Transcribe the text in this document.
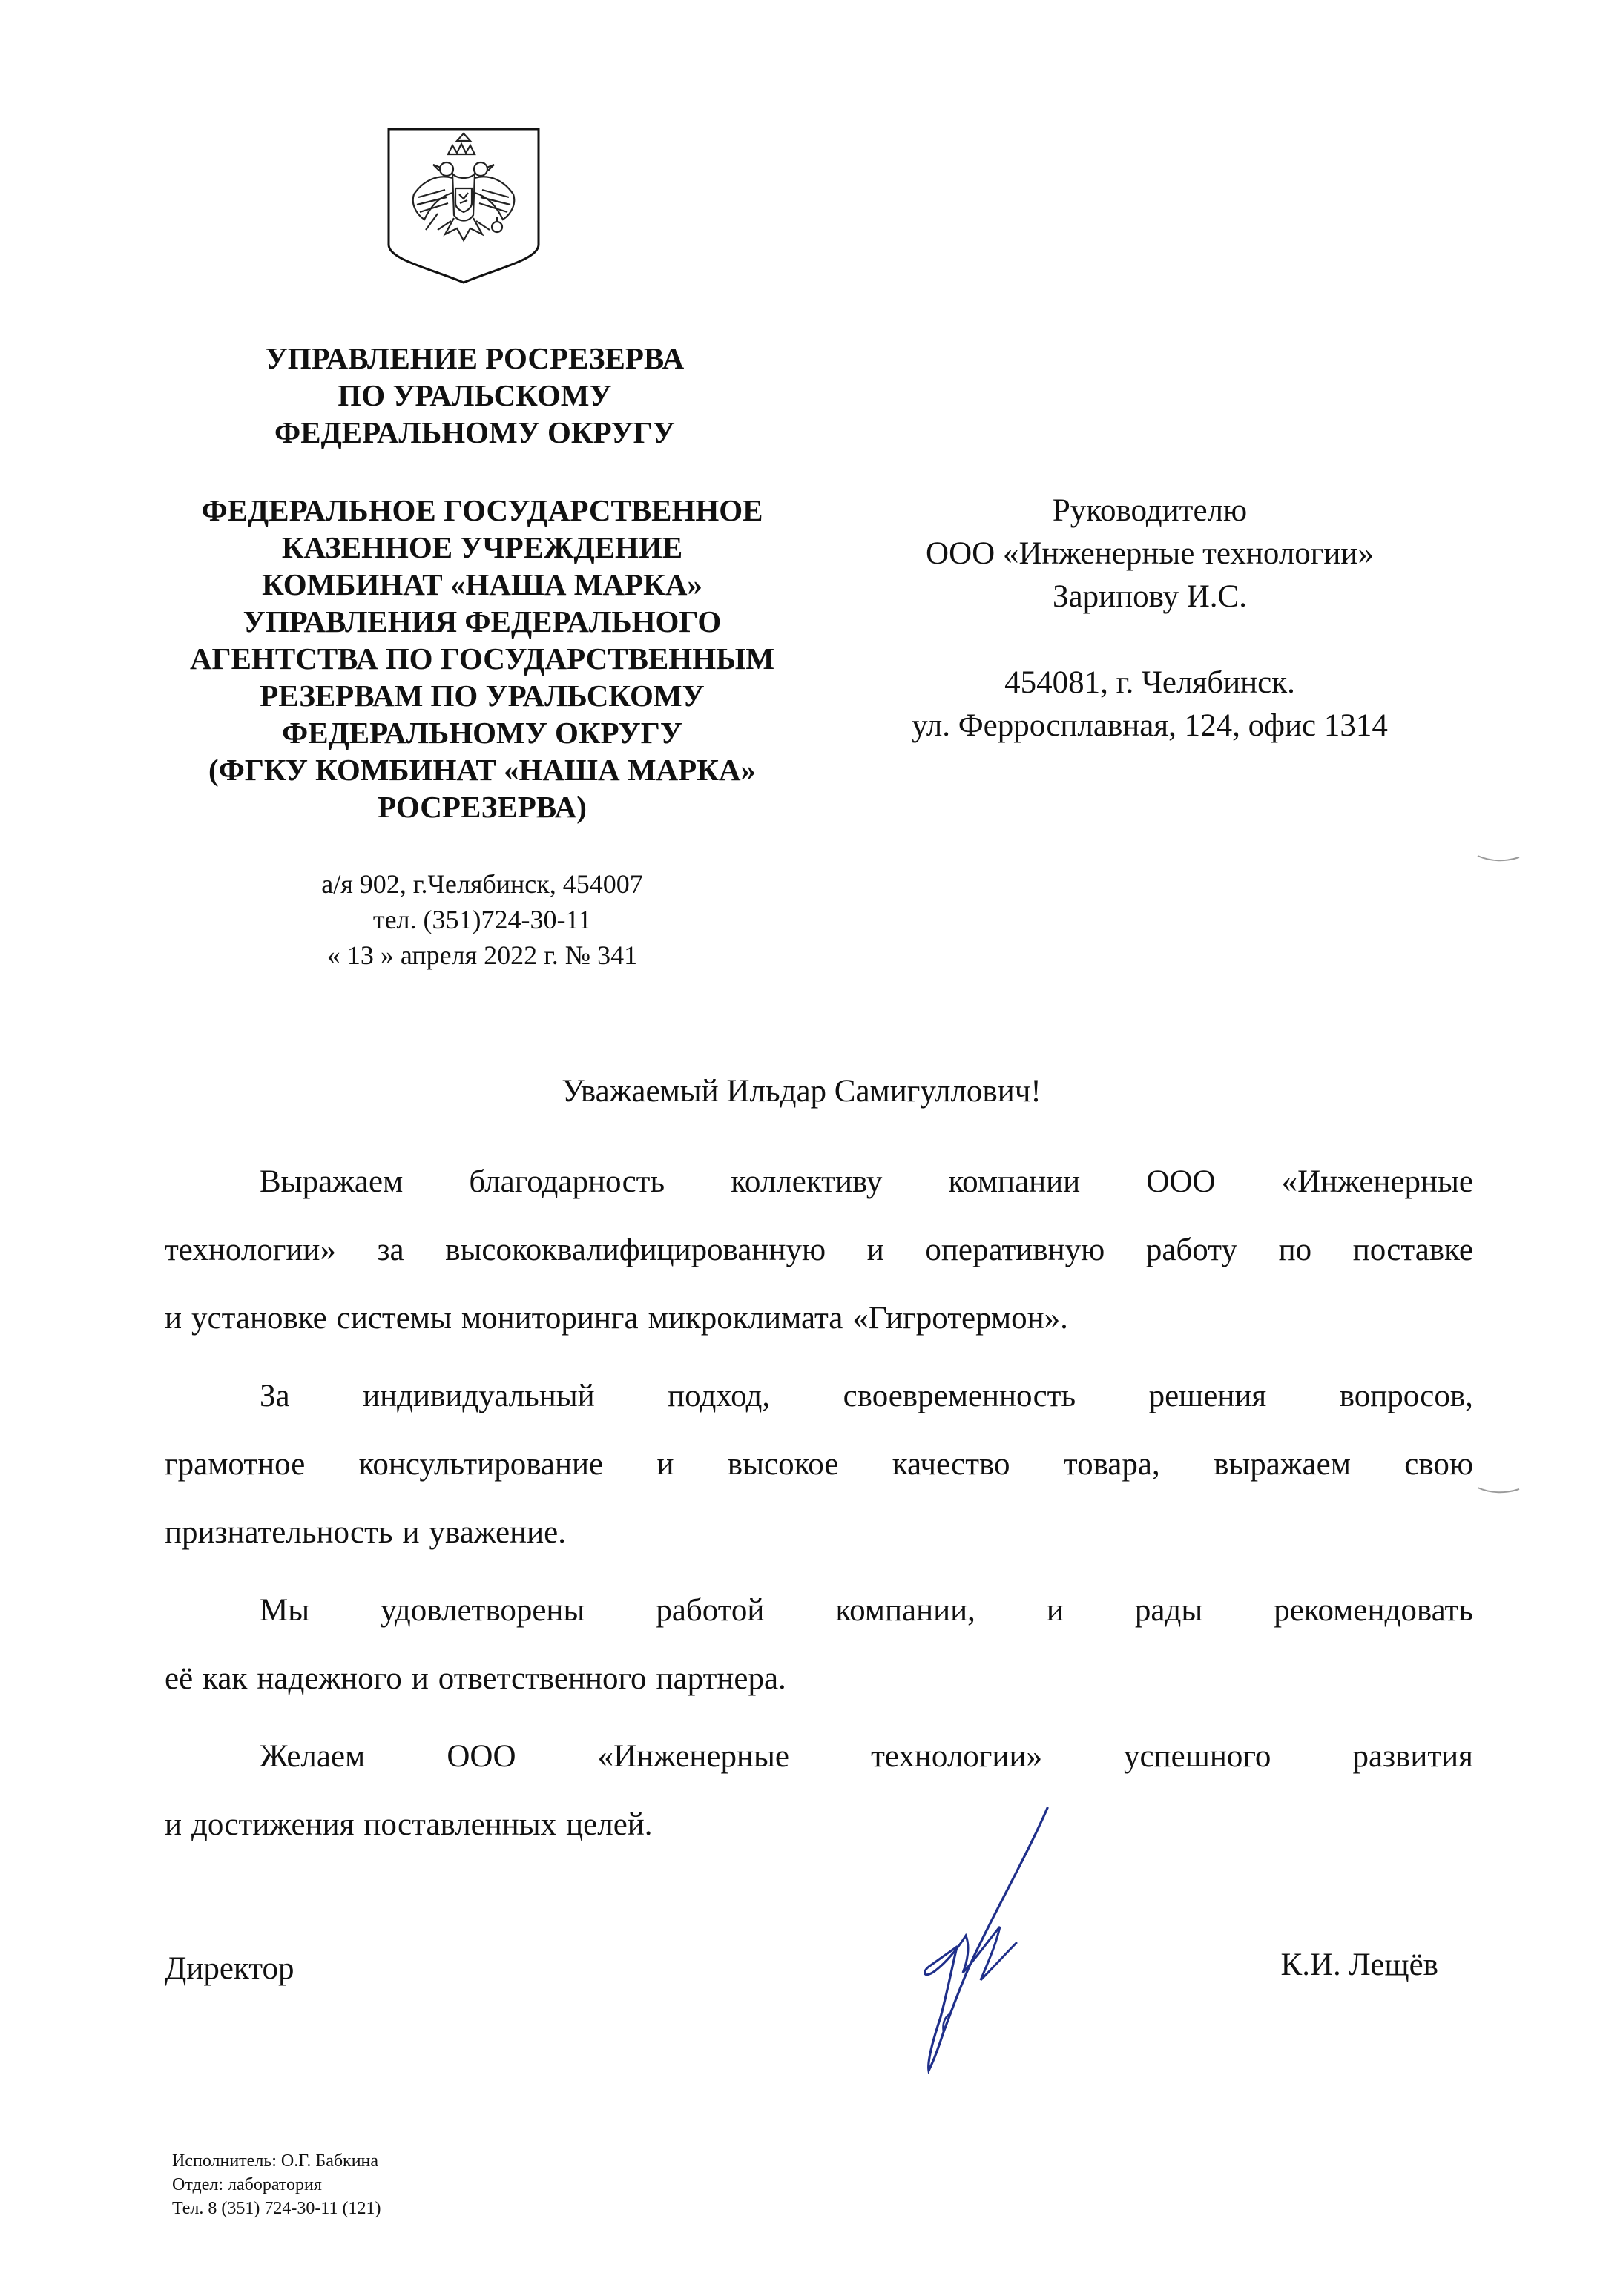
УПРАВЛЕНИЕ РОСРЕЗЕРВА
ПО УРАЛЬСКОМУ
ФЕДЕРАЛЬНОМУ ОКРУГУ
ФЕДЕРАЛЬНОЕ ГОСУДАРСТВЕННОЕ
КАЗЕННОЕ УЧРЕЖДЕНИЕ
КОМБИНАТ «НАША МАРКА»
УПРАВЛЕНИЯ ФЕДЕРАЛЬНОГО
АГЕНТСТВА ПО ГОСУДАРСТВЕННЫМ
РЕЗЕРВАМ ПО УРАЛЬСКОМУ
ФЕДЕРАЛЬНОМУ ОКРУГУ
(ФГКУ КОМБИНАТ «НАША МАРКА»
РОСРЕЗЕРВА)
а/я 902, г.Челябинск, 454007
тел. (351)724-30-11
« 13 » апреля 2022 г. № 341
Руководителю
ООО «Инженерные технологии»
Зарипову И.С.
454081, г. Челябинск.
ул. Ферросплавная, 124, офис 1314
Уважаемый Ильдар Самигуллович!
Выражаем благодарность коллективу компании ООО «Инженерные
технологии» за высококвалифицированную и оперативную работу по поставке
и установке системы мониторинга микроклимата «Гигротермон».
За индивидуальный подход, своевременность решения вопросов,
грамотное консультирование и высокое качество товара, выражаем свою
признательность и уважение.
Мы удовлетворены работой компании, и рады рекомендовать
её как надежного и ответственного партнера.
Желаем	ООО	«Инженерные	технологии»	успешного	развития
и достижения поставленных целей.
Директор	К.И. Лещёв
Исполнитель: О.Г. Бабкина
Отдел: лаборатория
Тел. 8 (351) 724-30-11 (121)
